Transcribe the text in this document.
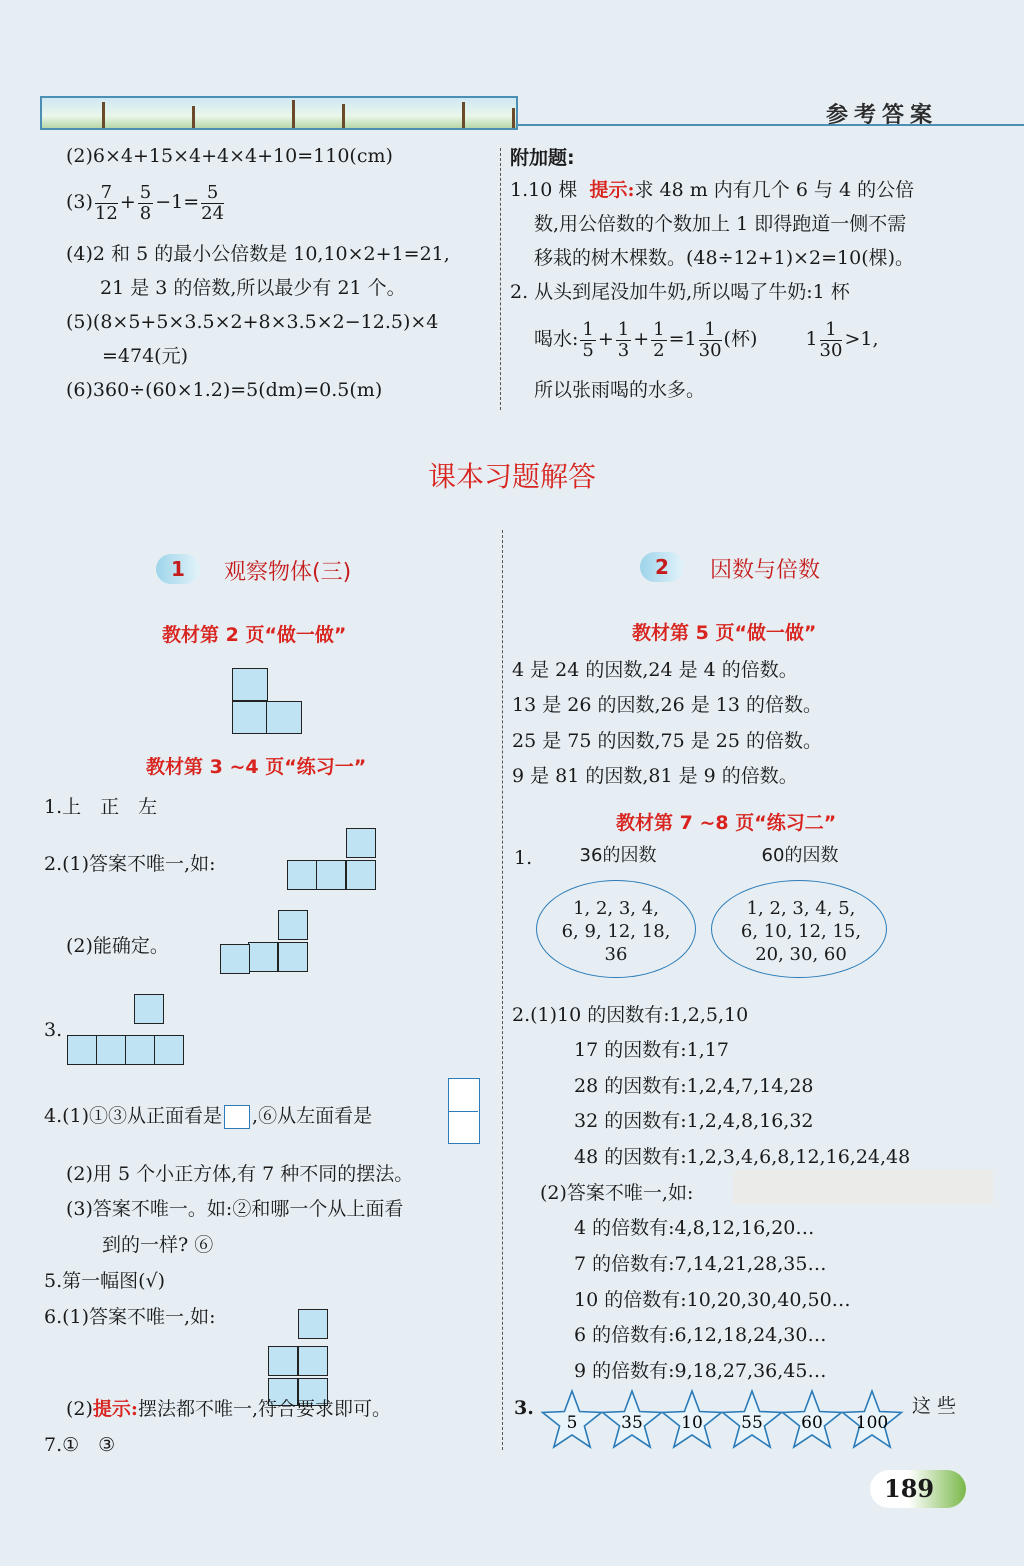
参考答案
(2)6×4+15×4+4×4+10=110(cm)
$(3) \frac{7}{12} + \frac{5}{8} -1= \frac{5}{24}$
(4)2 和 5 的最小公倍数是 10,10×2+1=21,
21 是 3 的倍数,所以最少有 21 个。
(5)(8×5+5×3.5×2+8×3.5×2−12.5)×4
=474(元)
(6)360÷(60×1.2)=5(dm)=0.5(m)
附加题:
1.10 棵 提示:求 48 m 内有几个 6 与 4 的公倍
数,用公倍数的个数加上 1 即得跑道一侧不需
移栽的树木棵数。(48÷12+1)×2=10(棵)。
2. 从头到尾没加牛奶,所以喝了牛奶:1 杯
喝水: $\frac{1}{5} + \frac{1}{3} + \frac{1}{2} =1 \frac{1}{30}$ (杯)	$1 \frac{1}{30} >1$,
所以张雨喝的水多。
课本习题解答
1	观察物体(三)
教材第 2 页“做一做”
教材第 3 ~4 页“练习一”
1.上　正　左
2.(1)答案不唯一,如:
(2)能确定。
3.
4.(1)①③从正面看是 ,⑥从左面看是
(2)用 5 个小正方体,有 7 种不同的摆法。
(3)答案不唯一。如:②和哪一个从上面看
到的一样? ⑥
5.第一幅图(√)
6.(1)答案不唯一,如:
(2)提示:摆法都不唯一,符合要求即可。
7.①　③
2	因数与倍数
教材第 5 页“做一做”
4 是 24 的因数,24 是 4 的倍数。
13 是 26 的因数,26 是 13 的倍数。
25 是 75 的因数,75 是 25 的倍数。
9 是 81 的因数,81 是 9 的倍数。
教材第 7 ~8 页“练习二”
1.	36的因数	60的因数
1, 2, 3, 4,
6, 9, 12, 18,
36
1, 2, 3, 4, 5,
6, 10, 12, 15,
20, 30, 60
2.(1)10 的因数有:1,2,5,10
17 的因数有:1,17
28 的因数有:1,2,4,7,14,28
32 的因数有:1,2,4,8,16,32
48 的因数有:1,2,3,4,6,8,12,16,24,48
(2)答案不唯一,如:
4 的倍数有:4,8,12,16,20…
7 的倍数有:7,14,21,28,35…
10 的倍数有:10,20,30,40,50…
6 的倍数有:6,12,18,24,30…
9 的倍数有:9,18,27,36,45…
3.
5	35 10 55 60 100
这 些
189
